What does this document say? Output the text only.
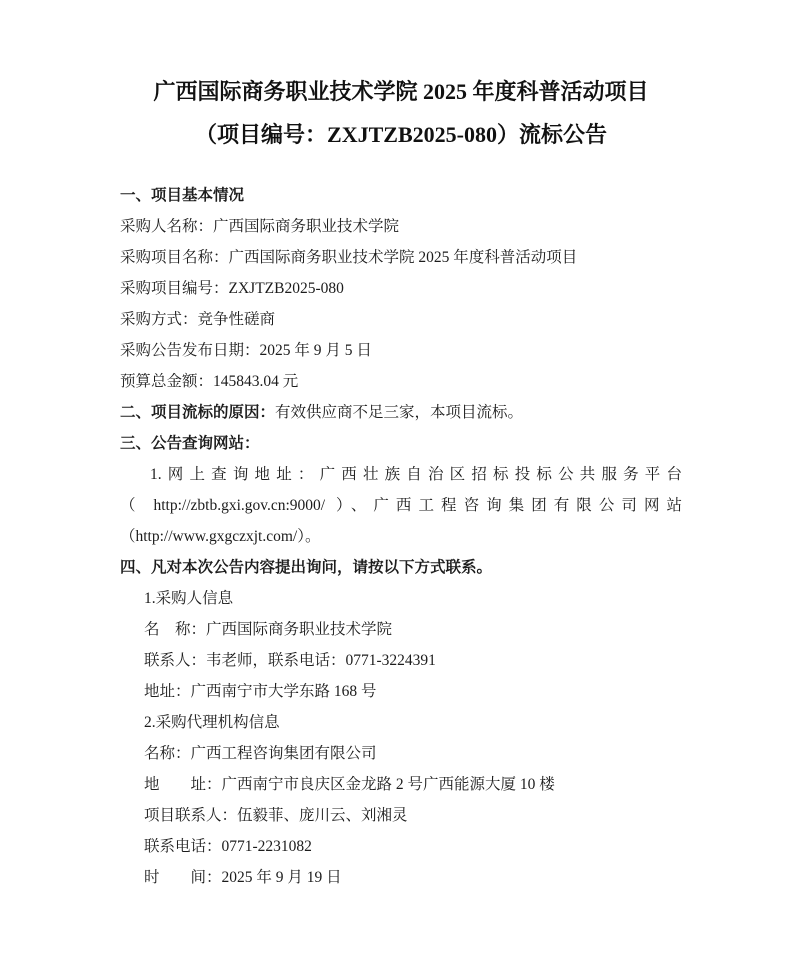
广西国际商务职业技术学院 2025 年度科普活动项目
（项目编号：ZXJTZB2025-080）流标公告
一、项目基本情况
采购人名称：广西国际商务职业技术学院
采购项目名称：广西国际商务职业技术学院 2025 年度科普活动项目
采购项目编号：ZXJTZB2025-080
采购方式：竞争性磋商
采购公告发布日期：2025 年 9 月 5 日
预算总金额：145843.04 元
二、项目流标的原因：有效供应商不足三家，本项目流标。
三、公告查询网站：
1.网上查询地址：广西壮族自治区招标投标公共服务平台
（ http://zbtb.gxi.gov.cn:9000/ ）、广西工程咨询集团有限公司网站
（http://www.gxgczxjt.com/）。
四、凡对本次公告内容提出询问，请按以下方式联系。
1.采购人信息
名　称：广西国际商务职业技术学院
联系人：韦老师，联系电话：0771-3224391
地址：广西南宁市大学东路 168 号
2.采购代理机构信息
名称：广西工程咨询集团有限公司
地　　址：广西南宁市良庆区金龙路 2 号广西能源大厦 10 楼
项目联系人：伍毅菲、庞川云、刘湘灵
联系电话：0771-2231082
时　　间：2025 年 9 月 19 日
